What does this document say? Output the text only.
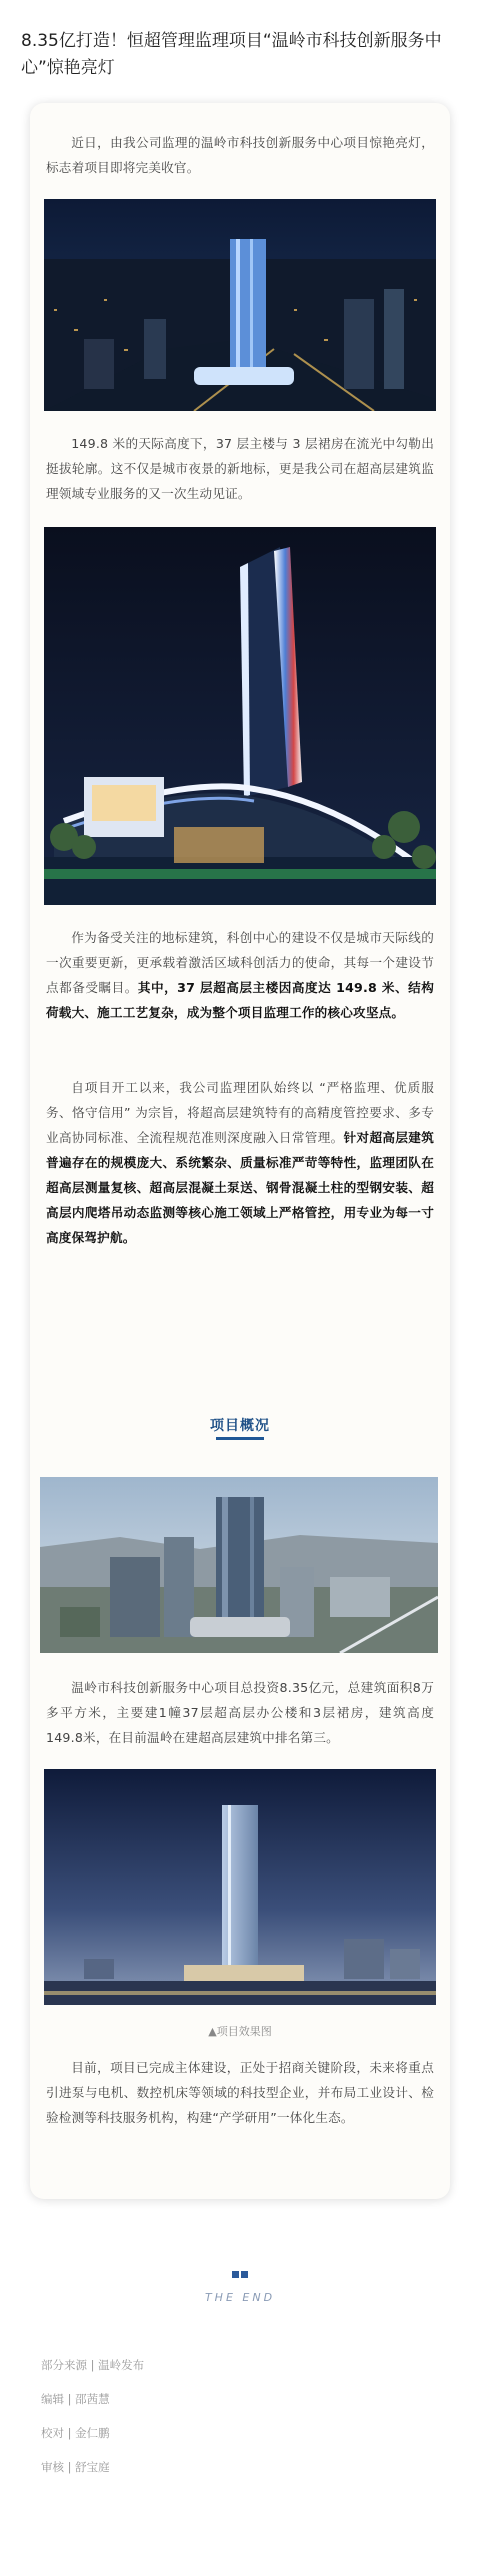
8.35亿打造！恒超管理监理项目“温岭市科技创新服务中心”惊艳亮灯

近日，由我公司监理的温岭市科技创新服务中心项目惊艳亮灯，标志着项目即将完美收官。

149.8 米的天际高度下，37 层主楼与 3 层裙房在流光中勾勒出挺拔轮廓。这不仅是城市夜景的新地标，更是我公司在超高层建筑监理领域专业服务的又一次生动见证。

作为备受关注的地标建筑，科创中心的建设不仅是城市天际线的一次重要更新，更承载着激活区域科创活力的使命，其每一个建设节点都备受瞩目。其中，37 层超高层主楼因高度达 149.8 米、结构荷载大、施工工艺复杂，成为整个项目监理工作的核心攻坚点。

自项目开工以来，我公司监理团队始终以 “严格监理、优质服务、恪守信用” 为宗旨，将超高层建筑特有的高精度管控要求、多专业高协同标准、全流程规范准则深度融入日常管理。针对超高层建筑普遍存在的规模庞大、系统繁杂、质量标准严苛等特性，监理团队在超高层测量复核、超高层混凝土泵送、钢骨混凝土柱的型钢安装、超高层内爬塔吊动态监测等核心施工领域上严格管控，用专业为每一寸高度保驾护航。

项目概况

温岭市科技创新服务中心项目总投资8.35亿元，总建筑面积8万多平方米，主要建1幢37层超高层办公楼和3层裙房，建筑高度149.8米，在目前温岭在建超高层建筑中排名第三。

▲项目效果图

目前，项目已完成主体建设，正处于招商关键阶段，未来将重点引进泵与电机、数控机床等领域的科技型企业，并布局工业设计、检验检测等科技服务机构，构建“产学研用”一体化生态。

THE END
部分来源 | 温岭发布
编辑 | 邵茜慧
校对 | 金仁鹏
审核 | 舒宝庭
